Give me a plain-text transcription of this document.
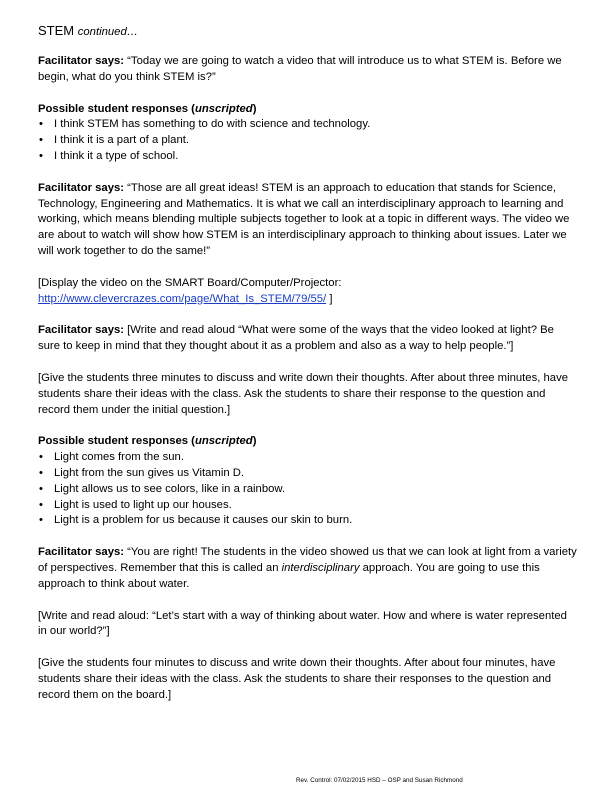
STEM continued…

Facilitator says: “Today we are going to watch a video that will introduce us to what STEM is. Before we begin, what do you think STEM is?”

Possible student responses (unscripted)
• I think STEM has something to do with science and technology.
• I think it is a part of a plant.
• I think it a type of school.

Facilitator says: “Those are all great ideas! STEM is an approach to education that stands for Science, Technology, Engineering and Mathematics. It is what we call an interdisciplinary approach to learning and working, which means blending multiple subjects together to look at a topic in different ways. The video we are about to watch will show how STEM is an interdisciplinary approach to thinking about issues. Later we will work together to do the same!”

[Display the video on the SMART Board/Computer/Projector: http://www.clevercrazes.com/page/What_Is_STEM/79/55/ ]

Facilitator says: [Write and read aloud “What were some of the ways that the video looked at light? Be sure to keep in mind that they thought about it as a problem and also as a way to help people.”]

[Give the students three minutes to discuss and write down their thoughts. After about three minutes, have students share their ideas with the class. Ask the students to share their response to the question and record them under the initial question.]

Possible student responses (unscripted)
• Light comes from the sun.
• Light from the sun gives us Vitamin D.
• Light allows us to see colors, like in a rainbow.
• Light is used to light up our houses.
• Light is a problem for us because it causes our skin to burn.

Facilitator says: “You are right! The students in the video showed us that we can look at light from a variety of perspectives. Remember that this is called an interdisciplinary approach. You are going to use this approach to think about water.

[Write and read aloud: “Let’s start with a way of thinking about water. How and where is water represented in our world?”]

[Give the students four minutes to discuss and write down their thoughts. After about four minutes, have students share their ideas with the class. Ask the students to share their responses to the question and record them on the board.]

Rev. Control: 07/02/2015 HSD – OSP and Susan Richmond
